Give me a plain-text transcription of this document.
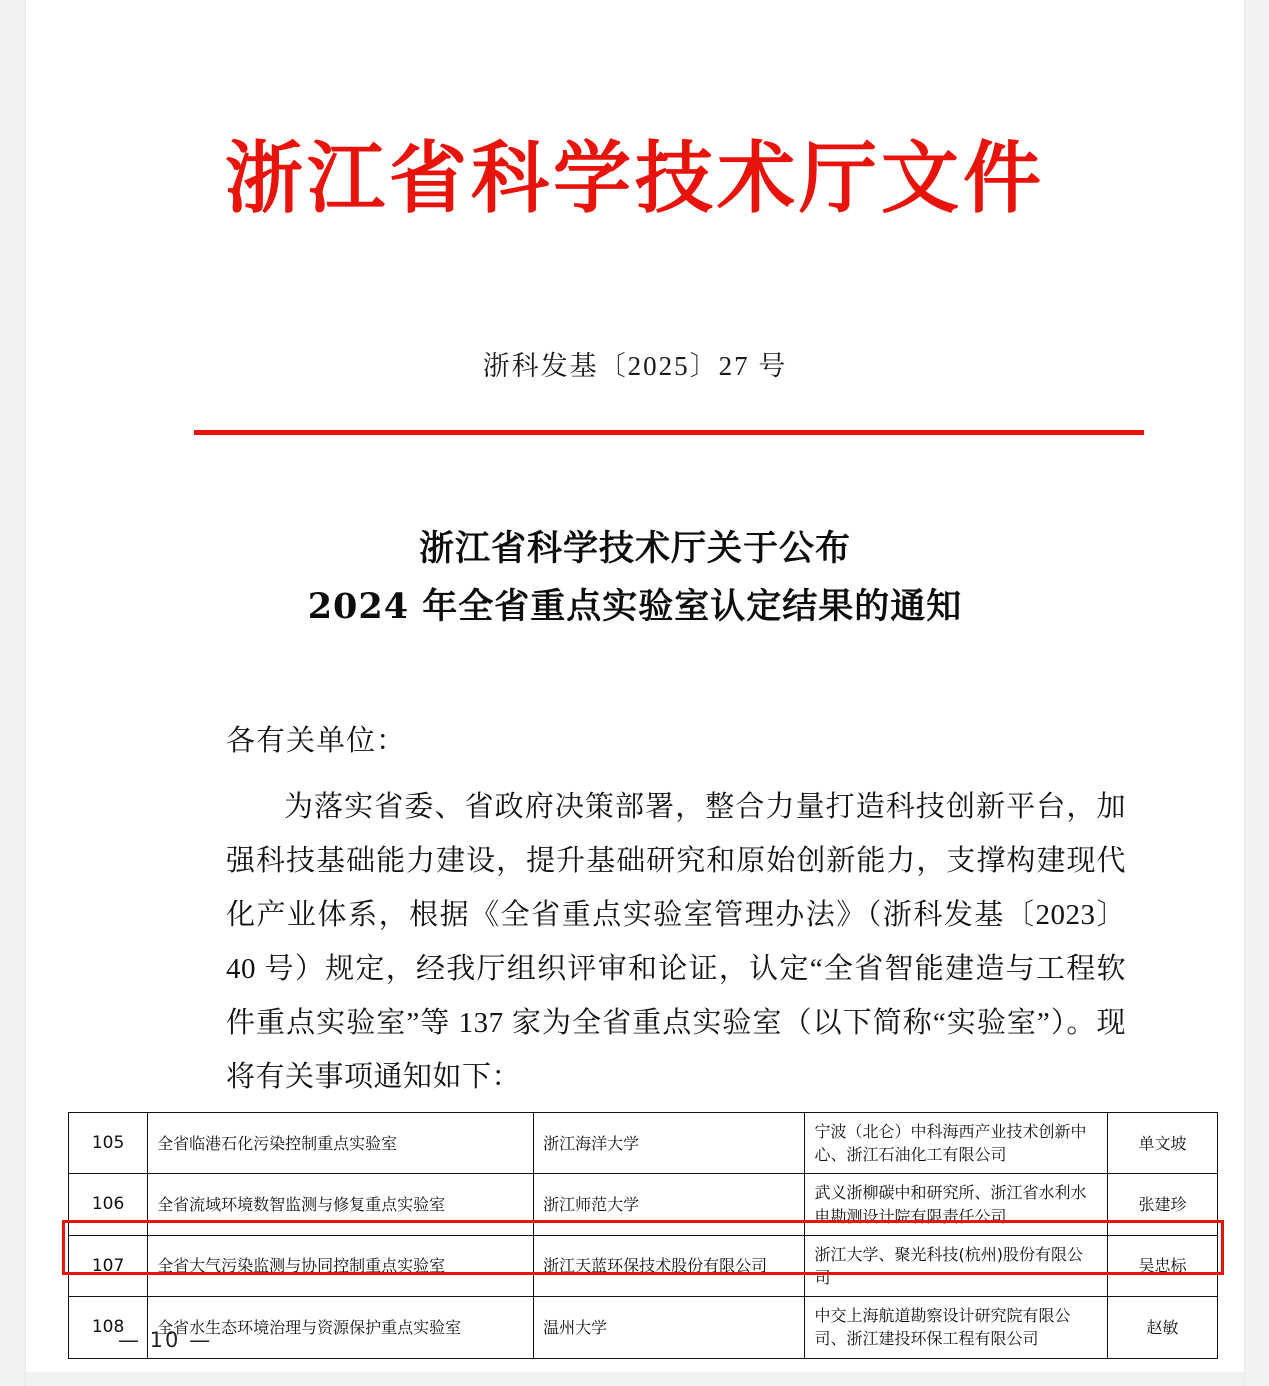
浙江省科学技术厅文件
浙科发基〔2025〕27 号
浙江省科学技术厅关于公布
2024 年全省重点实验室认定结果的通知
各有关单位：
为落实省委、省政府决策部署，整合力量打造科技创新平台，加强科技基础能力建设，提升基础研究和原始创新能力，支撑构建现代化产业体系，根据《全省重点实验室管理办法》（浙科发基〔2023〕40 号）规定，经我厅组织评审和论证，认定“全省智能建造与工程软件重点实验室”等 137 家为全省重点实验室（以下简称“实验室”）。现将有关事项通知如下：
105	全省临港石化污染控制重点实验室	浙江海洋大学	宁波（北仑）中科海西产业技术创新中心、浙江石油化工有限公司	单文坡
106	全省流域环境数智监测与修复重点实验室	浙江师范大学	武义浙柳碳中和研究所、浙江省水利水电勘测设计院有限责任公司	张建珍
107	全省大气污染监测与协同控制重点实验室	浙江天蓝环保技术股份有限公司	浙江大学、聚光科技(杭州)股份有限公司	吴忠标
108	全省水生态环境治理与资源保护重点实验室	温州大学	中交上海航道勘察设计研究院有限公司、浙江建投环保工程有限公司	赵敏
— 10 —
